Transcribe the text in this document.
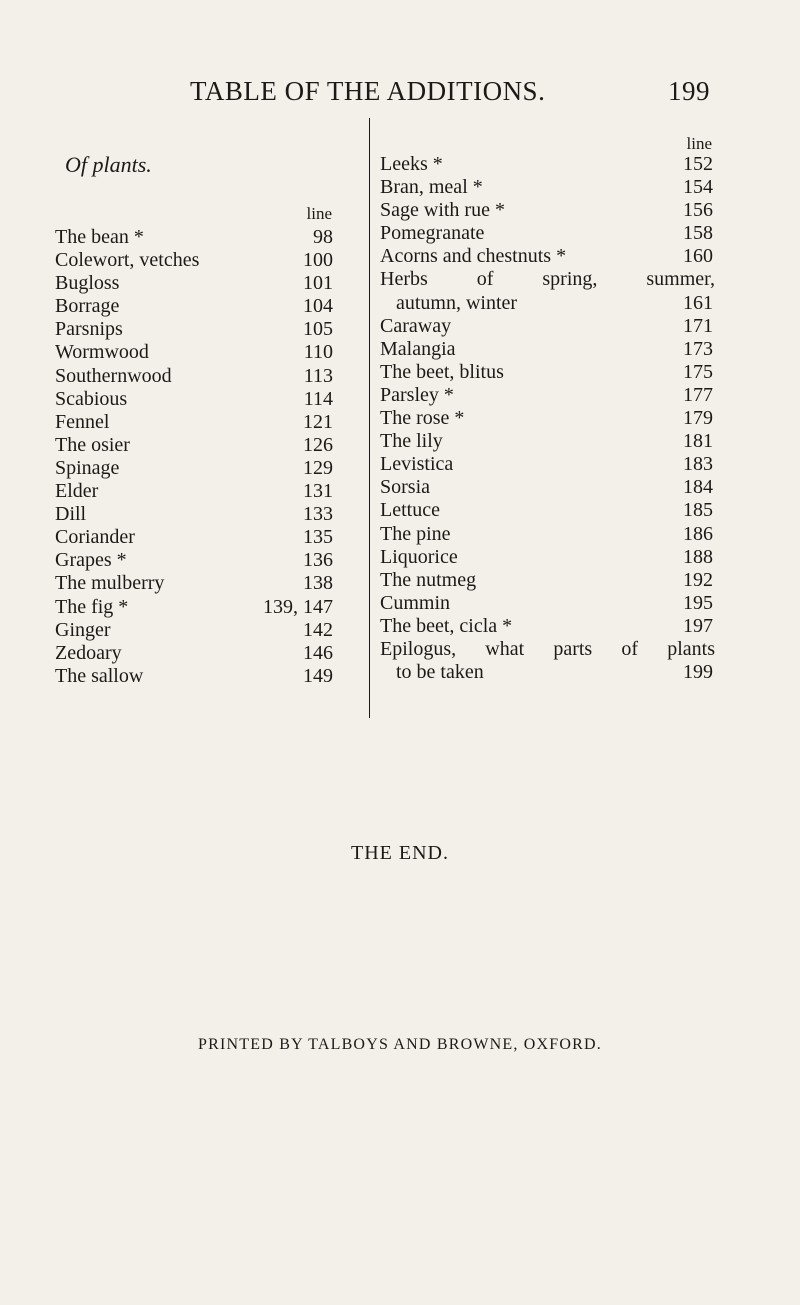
TABLE OF THE ADDITIONS.	199
Of plants.
line
The bean *	98
Colewort, vetches	100
Bugloss	101
Borrage	104
Parsnips	105
Wormwood	110
Southernwood	113
Scabious	114
Fennel	121
The osier	126
Spinage	129
Elder	131
Dill	133
Coriander	135
Grapes *	136
The mulberry	138
The fig *	139, 147
Ginger	142
Zedoary	146
The sallow	149
line
Leeks *	152
Bran, meal *	154
Sage with rue *	156
Pomegranate	158
Acorns and chestnuts *	160
Herbs of spring, summer,
autumn, winter	161
Caraway	171
Malangia	173
The beet, blitus	175
Parsley *	177
The rose *	179
The lily	181
Levistica	183
Sorsia	184
Lettuce	185
The pine	186
Liquorice	188
The nutmeg	192
Cummin	195
The beet, cicla *	197
Epilogus, what parts of plants
to be taken	199
THE END.
PRINTED BY TALBOYS AND BROWNE, OXFORD.
